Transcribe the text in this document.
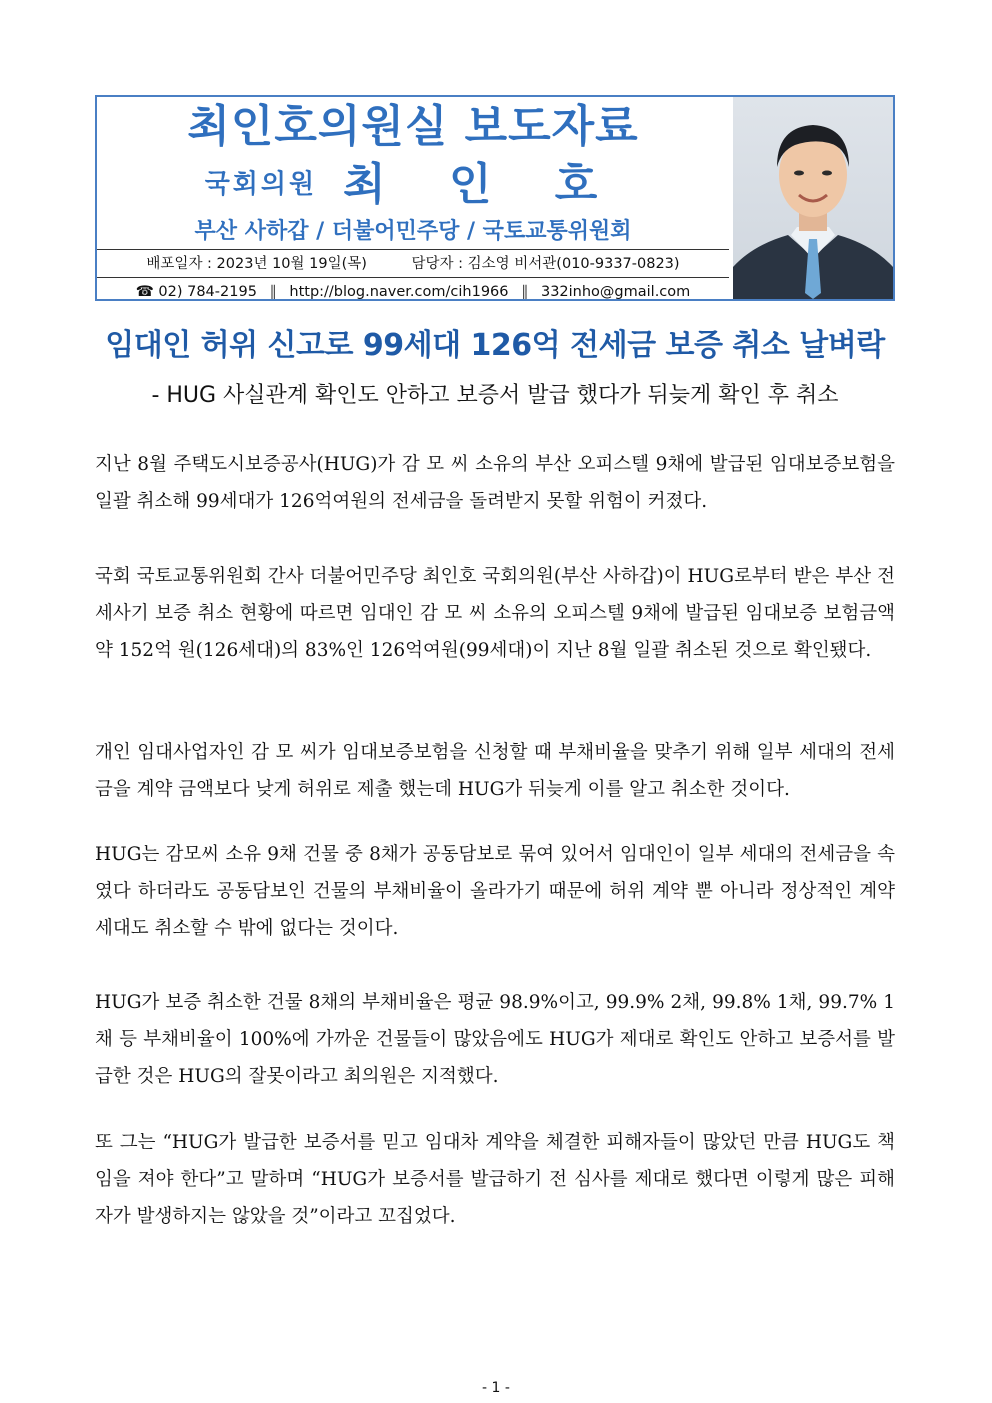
최인호의원실 보도자료
국회의원 최 인 호
부산 사하갑 / 더불어민주당 / 국토교통위원회
배포일자 : 2023년 10월 19일(목)	담당자 : 김소영 비서관(010-9337-0823)
☎ 02) 784-2195 ∥ http://blog.naver.com/cih1966 ∥ 332inho@gmail.com
임대인 허위 신고로 99세대 126억 전세금 보증 취소 날벼락
- HUG 사실관계 확인도 안하고 보증서 발급 했다가 뒤늦게 확인 후 취소
지난 8월 주택도시보증공사(HUG)가 감 모 씨 소유의 부산 오피스텔 9채에 발급된 임대보증보험을 일괄 취소해 99세대가 126억여원의 전세금을 돌려받지 못할 위험이 커졌다.
국회 국토교통위원회 간사 더불어민주당 최인호 국회의원(부산 사하갑)이 HUG로부터 받은 부산 전세사기 보증 취소 현황에 따르면 임대인 감 모 씨 소유의 오피스텔 9채에 발급된 임대보증 보험금액 약 152억 원(126세대)의 83%인 126억여원(99세대)이 지난 8월 일괄 취소된 것으로 확인됐다.
개인 임대사업자인 감 모 씨가 임대보증보험을 신청할 때 부채비율을 맞추기 위해 일부 세대의 전세금을 계약 금액보다 낮게 허위로 제출 했는데 HUG가 뒤늦게 이를 알고 취소한 것이다.
HUG는 감모씨 소유 9채 건물 중 8채가 공동담보로 묶여 있어서 임대인이 일부 세대의 전세금을 속였다 하더라도 공동담보인 건물의 부채비율이 올라가기 때문에 허위 계약 뿐 아니라 정상적인 계약 세대도 취소할 수 밖에 없다는 것이다.
HUG가 보증 취소한 건물 8채의 부채비율은 평균 98.9%이고, 99.9% 2채, 99.8% 1채, 99.7% 1채 등 부채비율이 100%에 가까운 건물들이 많았음에도 HUG가 제대로 확인도 안하고 보증서를 발급한 것은 HUG의 잘못이라고 최의원은 지적했다.
또 그는 “HUG가 발급한 보증서를 믿고 임대차 계약을 체결한 피해자들이 많았던 만큼 HUG도 책임을 져야 한다”고 말하며 “HUG가 보증서를 발급하기 전 심사를 제대로 했다면 이렇게 많은 피해자가 발생하지는 않았을 것”이라고 꼬집었다.
- 1 -
